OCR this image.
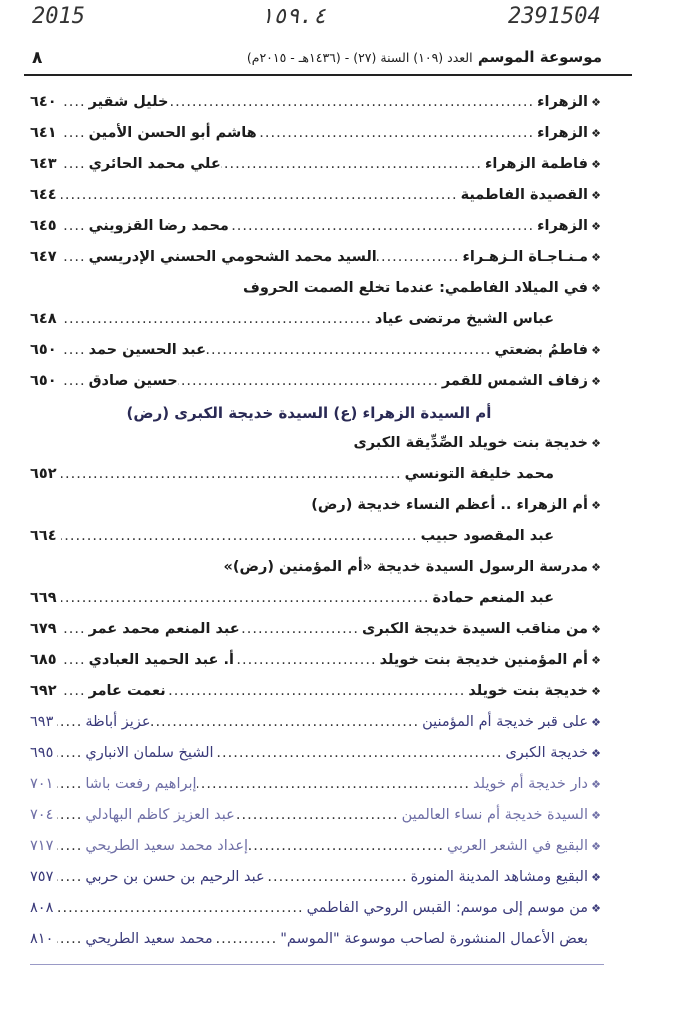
2015	١٥٩.٤	2391504
موسوعة الموسم العدد (١٠٩) السنة (٢٧) - (١٤٣٦هـ - ٢٠١٥م)
٨
❖
الزهراء
.....
خليل شقير
.....
٦٤٠
❖
الزهراء
.....
هاشم أبو الحسن الأمين
.....
٦٤١
❖
فاطمة الزهراء
.....
علي محمد الحائري
.....
٦٤٣
❖
القصيدة الفاطمية
.....
٦٤٤
❖
الزهراء
.....
محمد رضا القزويني
.....
٦٤٥
❖
مـنـاجـاة الـزهـراء
.....
السيد محمد الشحومي الحسني الإدريسي
.....
٦٤٧
❖
في الميلاد الفاطمي: عندما تخلع الصمت الحروف
عباس الشيخ مرتضى عياد
.....
٦٤٨
❖
فاطمُ بضعتي
.....
عبد الحسين حمد
.....
٦٥٠
❖
زفاف الشمس للقمر
.....
حسين صادق
.....
٦٥٠
أم السيدة الزهراء (ع) السيدة خديجة الكبرى (رض)
❖
خديجة بنت خويلد الصِّدِّيقة الكبرى
محمد خليفة التونسي
.....
٦٥٢
❖
أم الزهراء .. أعظم النساء خديجة (رض)
عبد المقصود حبيب
.....
٦٦٤
❖
مدرسة الرسول السيدة خديجة «أم المؤمنين (رض)»
عبد المنعم حمادة
.....
٦٦٩
❖
من مناقب السيدة خديجة الكبرى
.....
عبد المنعم محمد عمر
.....
٦٧٩
❖
أم المؤمنين خديجة بنت خويلد
.....
أ. عبد الحميد العبادي
.....
٦٨٥
❖
خديجة بنت خويلد
.....
نعمت عامر
.....
٦٩٢
❖
على قبر خديجة أم المؤمنين
.....
عزيز أباظة
.....
٦٩٣
❖
خديجة الكبرى
.....
الشيخ سلمان الانباري
.....
٦٩٥
❖
دار خديجة أم خويلد
.....
إبراهيم رفعت باشا
.....
٧٠١
❖
السيدة خديجة أم نساء العالمين
.....
عبد العزيز كاظم البهادلي
.....
٧٠٤
❖
البقيع في الشعر العربي
.....
إعداد محمد سعيد الطريحي
.....
٧١٧
❖
البقيع ومشاهد المدينة المنورة
.....
عبد الرحيم بن حسن بن حربي
.....
٧٥٧
❖
من موسم إلى موسم: القبس الروحي الفاطمي
.....
٨٠٨
بعض الأعمال المنشورة لصاحب موسوعة "الموسم"
.....
محمد سعيد الطريحي
.....
٨١٠
